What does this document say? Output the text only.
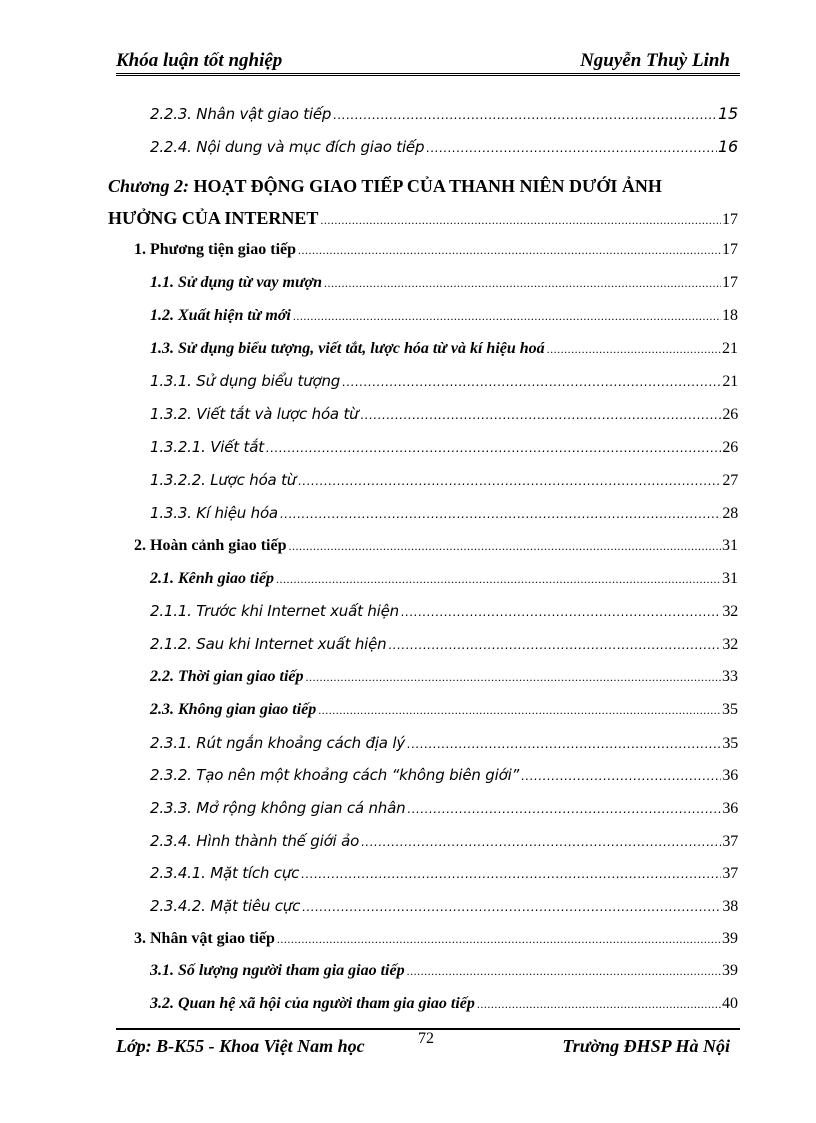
Khóa luận tốt nghiệp	Nguyễn Thuỳ Linh
2.2.3. Nhân vật giao tiếp .....	15
2.2.4. Nội dung và mục đích giao tiếp .....	16
Chương 2: HOẠT ĐỘNG GIAO TIẾP CỦA THANH NIÊN DƯỚI ẢNH
HƯỞNG CỦA INTERNET .....	17
1. Phương tiện giao tiếp .....	17
1.1. Sử dụng từ vay mượn .....	17
1.2. Xuất hiện từ mới .....	18
1.3. Sử dụng biểu tượng, viết tắt, lược hóa từ và kí hiệu hoá .....	21
1.3.1. Sử dụng biểu tượng .....	21
1.3.2. Viết tắt và lược hóa từ .....	26
1.3.2.1. Viết tắt .....	26
1.3.2.2. Lược hóa từ .....	27
1.3.3. Kí hiệu hóa .....	28
2. Hoàn cảnh giao tiếp .....	31
2.1. Kênh giao tiếp .....	31
2.1.1. Trước khi Internet xuất hiện .....	32
2.1.2. Sau khi Internet xuất hiện .....	32
2.2. Thời gian giao tiếp .....	33
2.3. Không gian giao tiếp .....	35
2.3.1. Rút ngắn khoảng cách địa lý .....	35
2.3.2. Tạo nên một khoảng cách “không biên giới” .....	36
2.3.3. Mở rộng không gian cá nhân .....	36
2.3.4. Hình thành thế giới ảo .....	37
2.3.4.1. Mặt tích cực .....	37
2.3.4.2. Mặt tiêu cực .....	38
3. Nhân vật giao tiếp .....	39
3.1. Số lượng người tham gia giao tiếp .....	39
3.2. Quan hệ xã hội của người tham gia giao tiếp .....	40
Lớp: B-K55 - Khoa Việt Nam học	72	Trường ĐHSP Hà Nội
